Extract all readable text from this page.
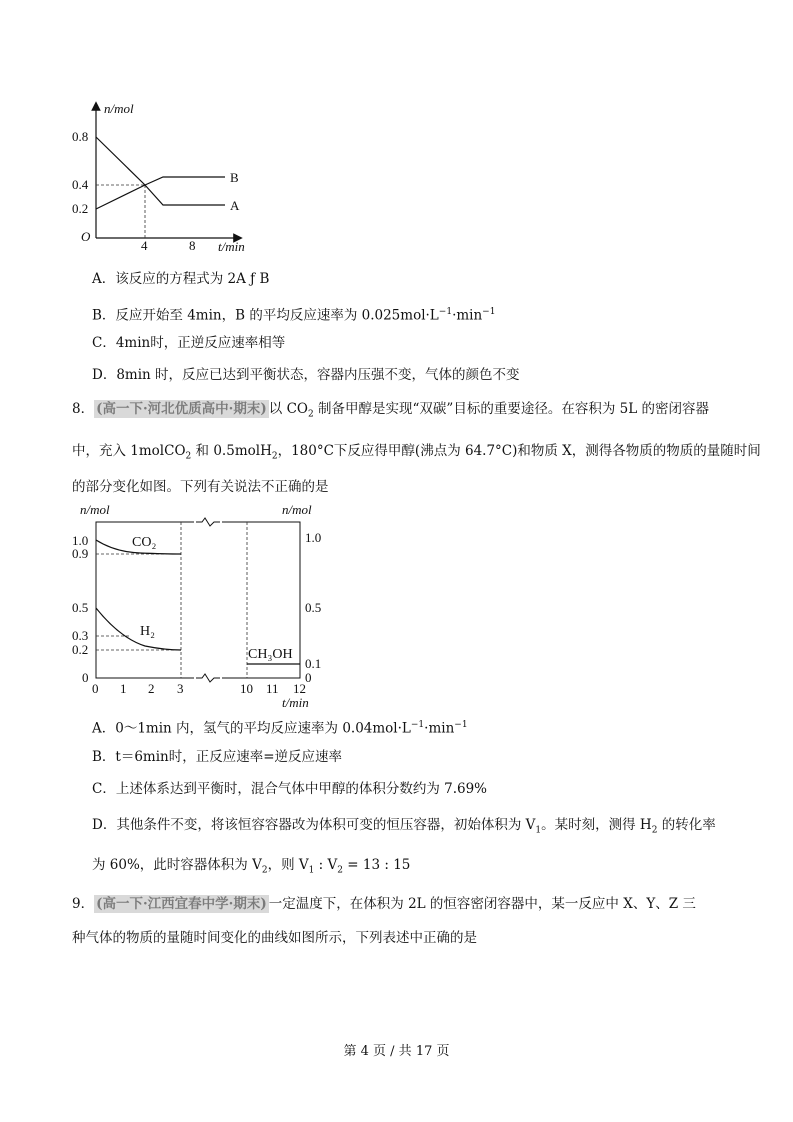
n/mol
t/min
O
0.8
0.4
0.2
4	8
B
A
A．该反应的方程式为 2A ƒ B
B．反应开始至 4min，B 的平均反应速率为 $0.025mol\cdot L^{-1}\cdot\min^{-1}$
C．4min时，正逆反应速率相等
D．8min 时，反应已达到平衡状态，容器内压强不变，气体的颜色不变
8． (高一下·河北优质高中·期末) 以 $CO_2$ 制备甲醇是实现“双碳”目标的重要途径。在容积为 5L 的密闭容器
中，充入 1molCO$_2$ 和 0.5molH$_2$，180°C下反应得甲醇(沸点为 64.7°C)和物质 X，测得各物质的物质的量随时间
的部分变化如图。下列有关说法不正确的是
n/mol	n/mol
t/min
CO₂
H₂
CH₃OH
1.0
0.9
0.5
0.3
0.2
0
1.0
0.5
0.1
0
0 1 2 3	10 11 12
A．0～1min 内，氢气的平均反应速率为 $0.04mol\cdot L^{-1}\cdot\min^{-1}$
B．t＝6min时，正反应速率=逆反应速率
C．上述体系达到平衡时，混合气体中甲醇的体积分数约为 7.69%
D．其他条件不变，将该恒容容器改为体积可变的恒压容器，初始体积为 $V_1$。某时刻，测得 $H_2$ 的转化率
为 60%，此时容器体积为 $V_2$，则 $V_1$ : $V_2 = 13$ : 15
9． (高一下·江西宜春中学·期末) 一定温度下，在体积为 2L 的恒容密闭容器中，某一反应中 X、Y、Z 三
种气体的物质的量随时间变化的曲线如图所示，下列表述中正确的是
第 4 页 / 共 17 页
